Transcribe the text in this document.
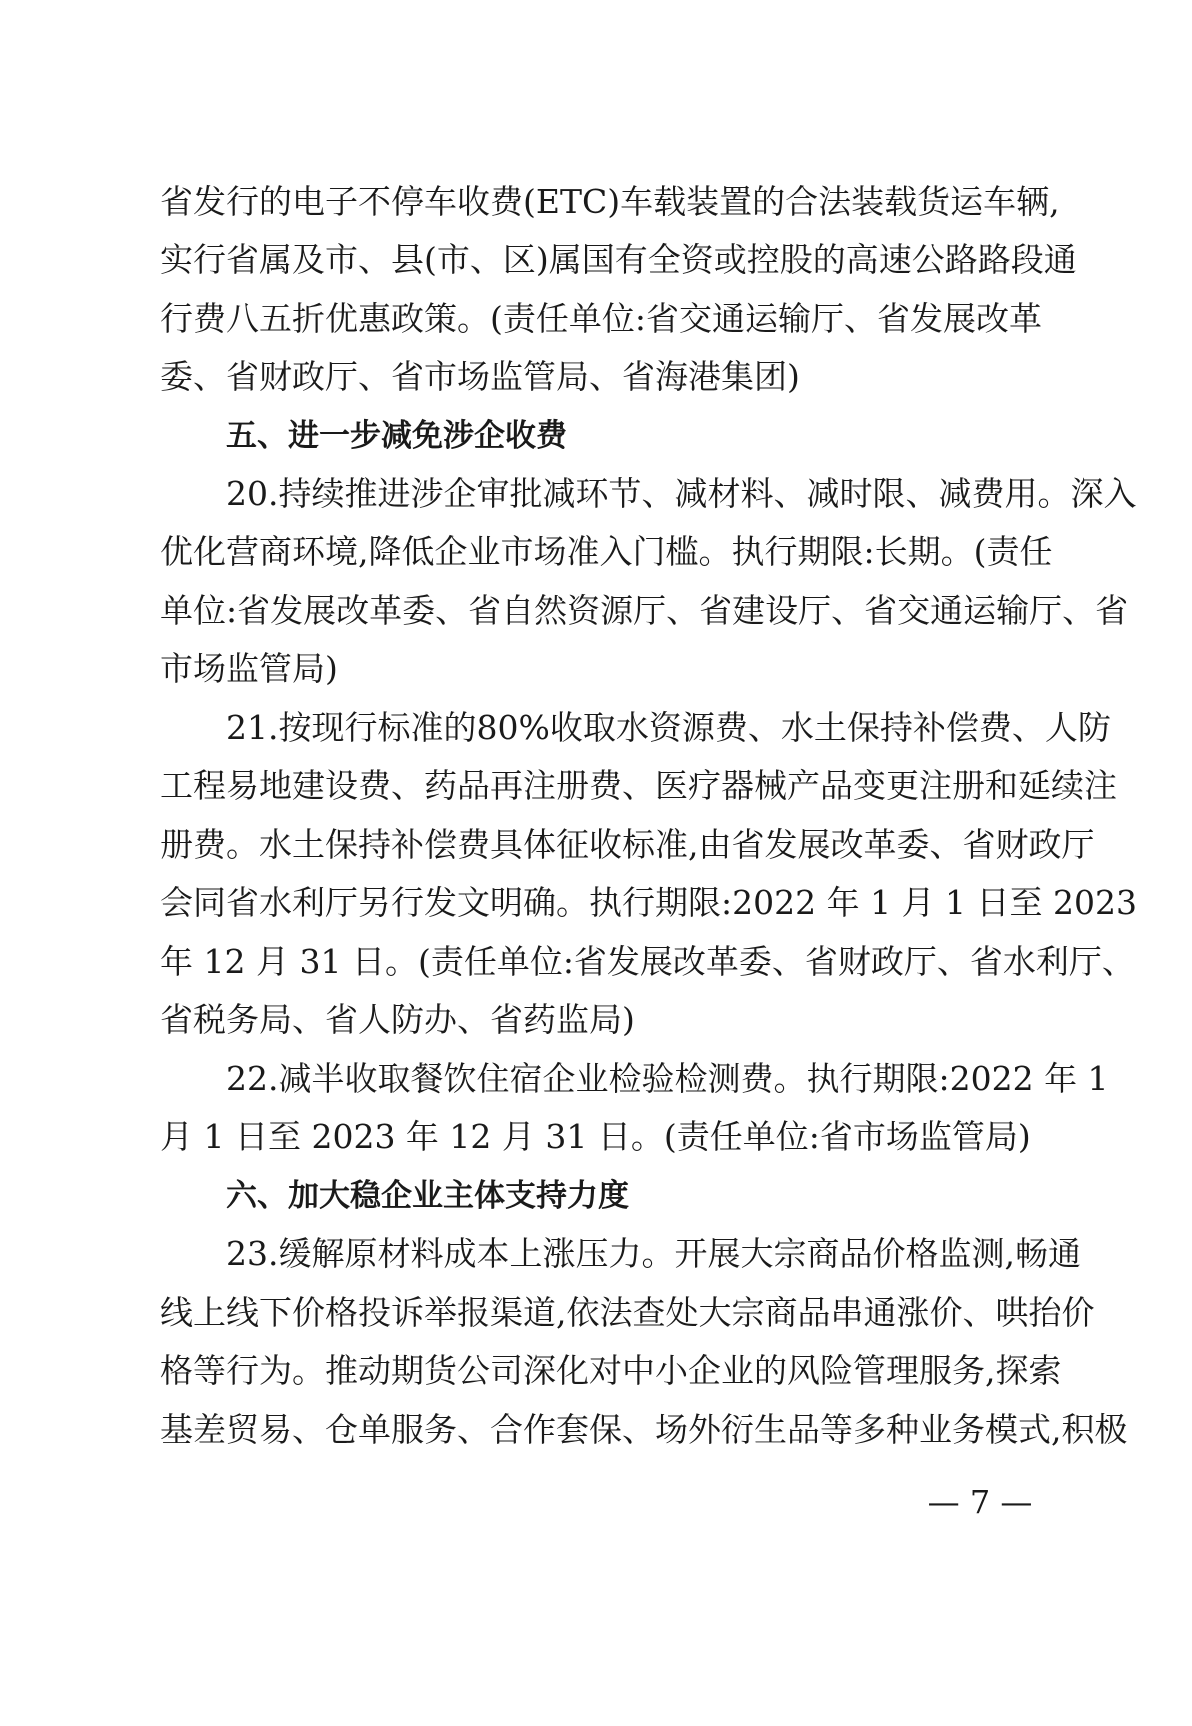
省发行的电子不停车收费(ETC)车载装置的合法装载货运车辆,
实行省属及市、县(市、区)属国有全资或控股的高速公路路段通
行费八五折优惠政策。(责任单位:省交通运输厅、省发展改革
委、省财政厅、省市场监管局、省海港集团)
五、进一步减免涉企收费
20.持续推进涉企审批减环节、减材料、减时限、减费用。深入
优化营商环境,降低企业市场准入门槛。执行期限:长期。(责任
单位:省发展改革委、省自然资源厅、省建设厅、省交通运输厅、省
市场监管局)
21.按现行标准的80%收取水资源费、水土保持补偿费、人防
工程易地建设费、药品再注册费、医疗器械产品变更注册和延续注
册费。水土保持补偿费具体征收标准,由省发展改革委、省财政厅
会同省水利厅另行发文明确。执行期限:2022 年 1 月 1 日至 2023
年 12 月 31 日。(责任单位:省发展改革委、省财政厅、省水利厅、
省税务局、省人防办、省药监局)
22.减半收取餐饮住宿企业检验检测费。执行期限:2022 年 1
月 1 日至 2023 年 12 月 31 日。(责任单位:省市场监管局)
六、加大稳企业主体支持力度
23.缓解原材料成本上涨压力。开展大宗商品价格监测,畅通
线上线下价格投诉举报渠道,依法查处大宗商品串通涨价、哄抬价
格等行为。推动期货公司深化对中小企业的风险管理服务,探索
基差贸易、仓单服务、合作套保、场外衍生品等多种业务模式,积极
— 7 —
